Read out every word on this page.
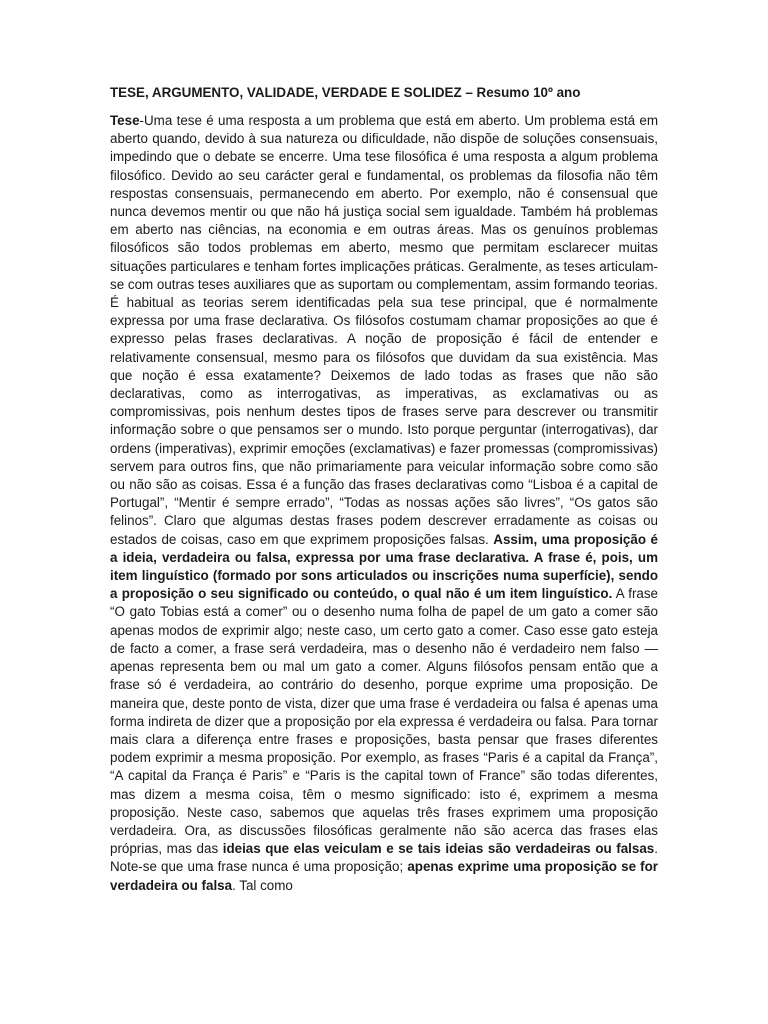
TESE, ARGUMENTO, VALIDADE, VERDADE E SOLIDEZ – Resumo 10º ano

Tese-Uma tese é uma resposta a um problema que está em aberto. Um problema está em aberto quando, devido à sua natureza ou dificuldade, não dispõe de soluções consensuais, impedindo que o debate se encerre. Uma tese filosófica é uma resposta a algum problema filosófico. Devido ao seu carácter geral e fundamental, os problemas da filosofia não têm respostas consensuais, permanecendo em aberto. Por exemplo, não é consensual que nunca devemos mentir ou que não há justiça social sem igualdade. Também há problemas em aberto nas ciências, na economia e em outras áreas. Mas os genuínos problemas filosóficos são todos problemas em aberto, mesmo que permitam esclarecer muitas situações particulares e tenham fortes implicações práticas. Geralmente, as teses articulam-se com outras teses auxiliares que as suportam ou complementam, assim formando teorias. É habitual as teorias serem identificadas pela sua tese principal, que é normalmente expressa por uma frase declarativa. Os filósofos costumam chamar proposições ao que é expresso pelas frases declarativas. A noção de proposição é fácil de entender e relativamente consensual, mesmo para os filósofos que duvidam da sua existência. Mas que noção é essa exatamente? Deixemos de lado todas as frases que não são declarativas, como as interrogativas, as imperativas, as exclamativas ou as compromissivas, pois nenhum destes tipos de frases serve para descrever ou transmitir informação sobre o que pensamos ser o mundo. Isto porque perguntar (interrogativas), dar ordens (imperativas), exprimir emoções (exclamativas) e fazer promessas (compromissivas) servem para outros fins, que não primariamente para veicular informação sobre como são ou não são as coisas. Essa é a função das frases declarativas como “Lisboa é a capital de Portugal”, “Mentir é sempre errado”, “Todas as nossas ações são livres”, “Os gatos são felinos”. Claro que algumas destas frases podem descrever erradamente as coisas ou estados de coisas, caso em que exprimem proposições falsas. Assim, uma proposição é a ideia, verdadeira ou falsa, expressa por uma frase declarativa. A frase é, pois, um item linguístico (formado por sons articulados ou inscrições numa superfície), sendo a proposição o seu significado ou conteúdo, o qual não é um item linguístico. A frase “O gato Tobias está a comer” ou o desenho numa folha de papel de um gato a comer são apenas modos de exprimir algo; neste caso, um certo gato a comer. Caso esse gato esteja de facto a comer, a frase será verdadeira, mas o desenho não é verdadeiro nem falso — apenas representa bem ou mal um gato a comer. Alguns filósofos pensam então que a frase só é verdadeira, ao contrário do desenho, porque exprime uma proposição. De maneira que, deste ponto de vista, dizer que uma frase é verdadeira ou falsa é apenas uma forma indireta de dizer que a proposição por ela expressa é verdadeira ou falsa. Para tornar mais clara a diferença entre frases e proposições, basta pensar que frases diferentes podem exprimir a mesma proposição. Por exemplo, as frases “Paris é a capital da França”, “A capital da França é Paris” e “Paris is the capital town of France” são todas diferentes, mas dizem a mesma coisa, têm o mesmo significado: isto é, exprimem a mesma proposição. Neste caso, sabemos que aquelas três frases exprimem uma proposição verdadeira. Ora, as discussões filosóficas geralmente não são acerca das frases elas próprias, mas das ideias que elas veiculam e se tais ideias são verdadeiras ou falsas. Note-se que uma frase nunca é uma proposição; apenas exprime uma proposição se for verdadeira ou falsa. Tal como
